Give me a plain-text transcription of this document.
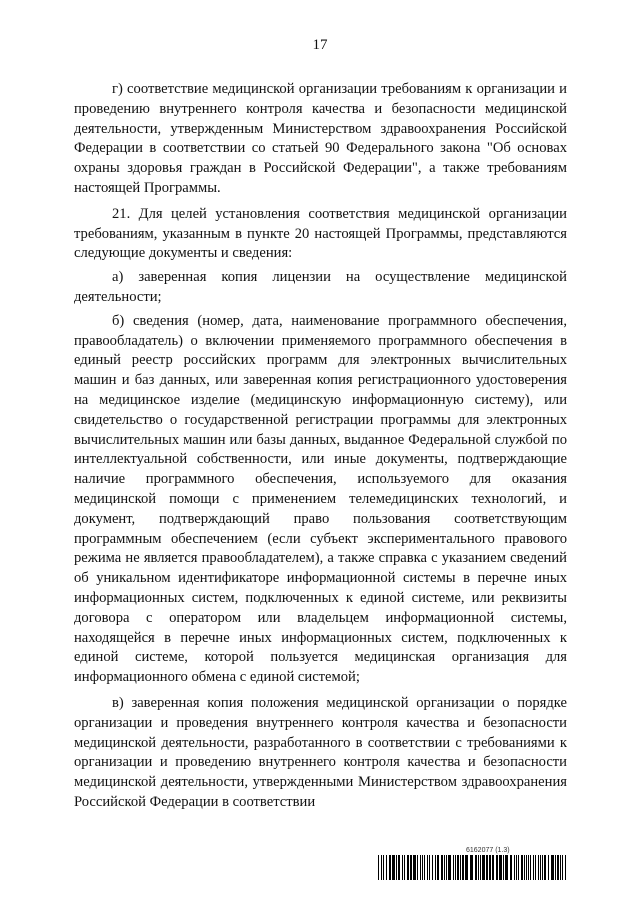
17

г) соответствие медицинской организации требованиям к организации и проведению внутреннего контроля качества и безопасности медицинской деятельности, утвержденным Министерством здравоохранения Российской Федерации в соответствии со статьей 90 Федерального закона "Об основах охраны здоровья граждан в Российской Федерации", а также требованиям настоящей Программы.

21. Для целей установления соответствия медицинской организации требованиям, указанным в пункте 20 настоящей Программы, представляются следующие документы и сведения:

а) заверенная копия лицензии на осуществление медицинской деятельности;

б) сведения (номер, дата, наименование программного обеспечения, правообладатель) о включении применяемого программного обеспечения в единый реестр российских программ для электронных вычислительных машин и баз данных, или заверенная копия регистрационного удостоверения на медицинское изделие (медицинскую информационную систему), или свидетельство о государственной регистрации программы для электронных вычислительных машин или базы данных, выданное Федеральной службой по интеллектуальной собственности, или иные документы, подтверждающие наличие программного обеспечения, используемого для оказания медицинской помощи с применением телемедицинских технологий, и документ, подтверждающий право пользования соответствующим программным обеспечением (если субъект экспериментального правового режима не является правообладателем), а также справка с указанием сведений об уникальном идентификаторе информационной системы в перечне иных информационных систем, подключенных к единой системе, или реквизиты договора с оператором или владельцем информационной системы, находящейся в перечне иных информационных систем, подключенных к единой системе, которой пользуется медицинская организация для информационного обмена с единой системой;

в) заверенная копия положения медицинской организации о порядке организации и проведения внутреннего контроля качества и безопасности медицинской деятельности, разработанного в соответствии с требованиями к организации и проведению внутреннего контроля качества и безопасности медицинской деятельности, утвержденными Министерством здравоохранения Российской Федерации в соответствии

6162077 (1.3)
